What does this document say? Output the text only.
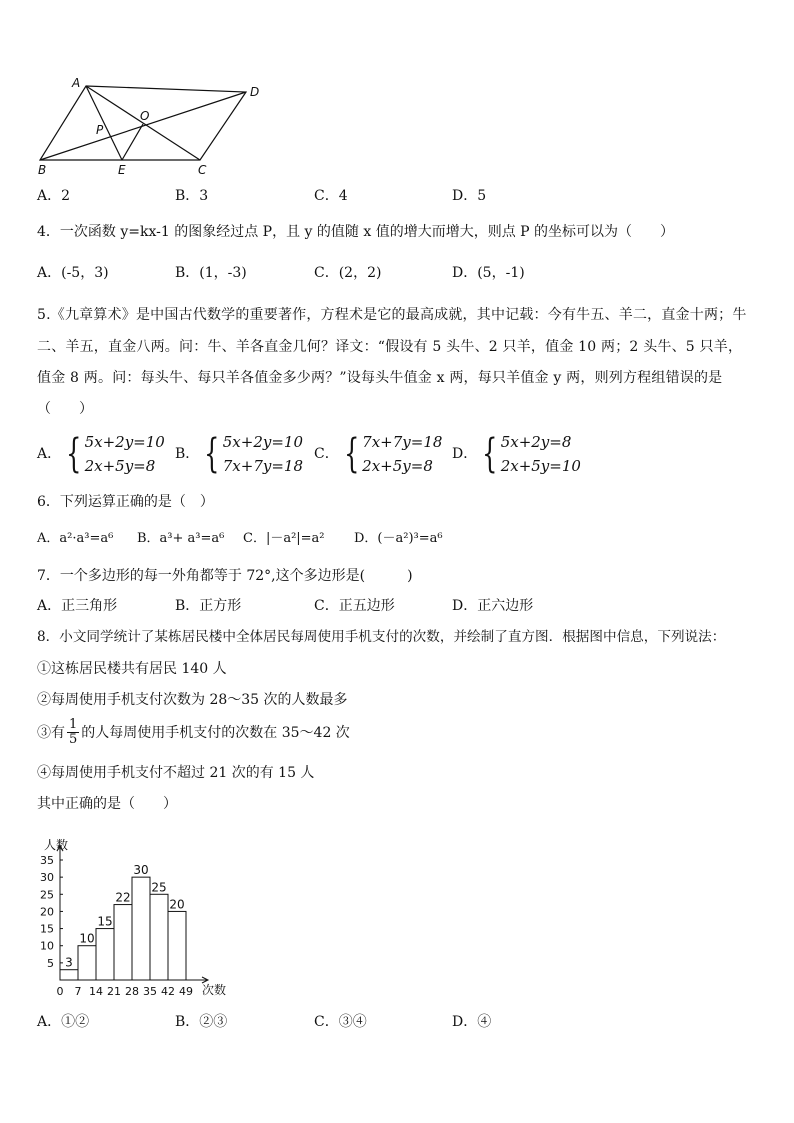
A
D
O
P
B	E	C
A．2	B．3	C．4	D．5
4．一次函数 y=kx-1 的图象经过点 P，且 y 的值随 x 值的增大而增大，则点 P 的坐标可以为（　　）
A．(-5，3)	B．(1，-3)	C．(2，2)	D．(5，-1)
5.《九章算术》是中国古代数学的重要著作，方程术是它的最高成就，其中记载：今有牛五、羊二，直金十两；牛
二、羊五，直金八两。问：牛、羊各直金几何？译文：“假设有 5 头牛、2 只羊，值金 10 两；2 头牛、5 只羊，
值金 8 两。问：每头牛、每只羊各值金多少两？”设每头牛值金 x 两，每只羊值金 y 两，则列方程组错误的是
（　　）
A． { 5x+2y=10
2x+5y=8
B． { 5x+2y=10
7x+7y=18
C． { 7x+7y=18
2x+5y=8
D． { 5x+2y=8
2x+5y=10
6．下列运算正确的是（　）
A．a²·a³=a⁶ B．a³+ a³=a⁶ C．|－a²|=a² D．(－a²)³=a⁶
7．一个多边形的每一外角都等于 72°,这个多边形是(　　　)
A．正三角形	B．正方形	C．正五边形	D．正六边形
8．小文同学统计了某栋居民楼中全体居民每周使用手机支付的次数，并绘制了直方图．根据图中信息，下列说法：
①这栋居民楼共有居民 140 人
②每周使用手机支付次数为 28～35 次的人数最多
③有 $\frac{1}{5}$ 的人每周使用手机支付的次数在 35～42 次
④每周使用手机支付不超过 21 次的有 15 人
其中正确的是（　　）
5
10
15
20
25
30
35
0 7 14 21 28 35 42 49
3
10
15
22
30
25
20
人数
次数
A．①②	B．②③	C．③④	D．④
